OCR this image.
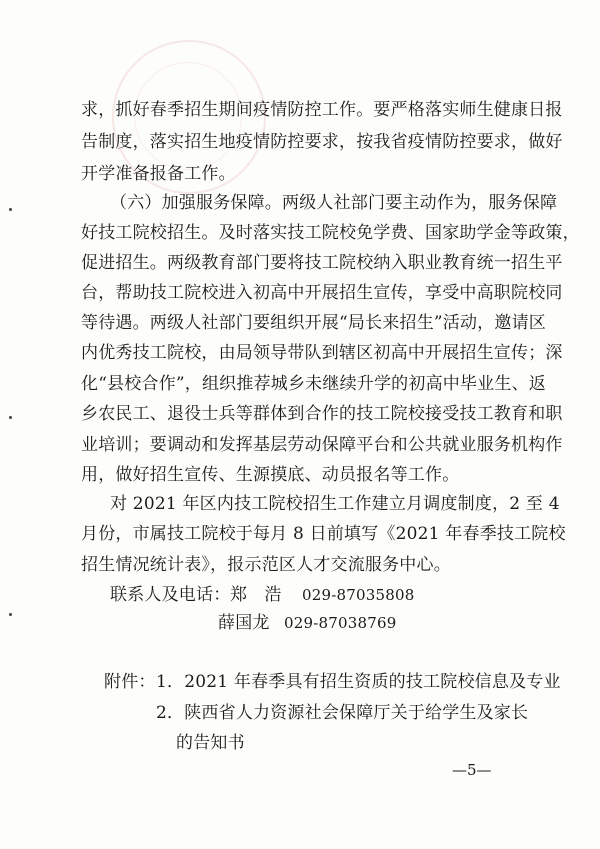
求，抓好春季招生期间疫情防控工作。要严格落实师生健康日报
告制度，落实招生地疫情防控要求，按我省疫情防控要求，做好
开学准备报备工作。
（六）加强服务保障。两级人社部门要主动作为，服务保障
好技工院校招生。及时落实技工院校免学费、国家助学金等政策，
促进招生。两级教育部门要将技工院校纳入职业教育统一招生平
台，帮助技工院校进入初高中开展招生宣传，享受中高职院校同
等待遇。两级人社部门要组织开展“局长来招生”活动，邀请区
内优秀技工院校，由局领导带队到辖区初高中开展招生宣传；深
化“县校合作”，组织推荐城乡未继续升学的初高中毕业生、返
乡农民工、退役士兵等群体到合作的技工院校接受技工教育和职
业培训；要调动和发挥基层劳动保障平台和公共就业服务机构作
用，做好招生宣传、生源摸底、动员报名等工作。
对 2021 年区内技工院校招生工作建立月调度制度，2 至 4
月份，市属技工院校于每月 8 日前填写《2021 年春季技工院校
招生情况统计表》，报示范区人才交流服务中心。
联系人及电话： 郑　浩 029-87035808
薛国龙 029-87038769
附件： 1．2021 年春季具有招生资质的技工院校信息及专业
2．陕西省人力资源社会保障厅关于给学生及家长
的告知书
—5—
